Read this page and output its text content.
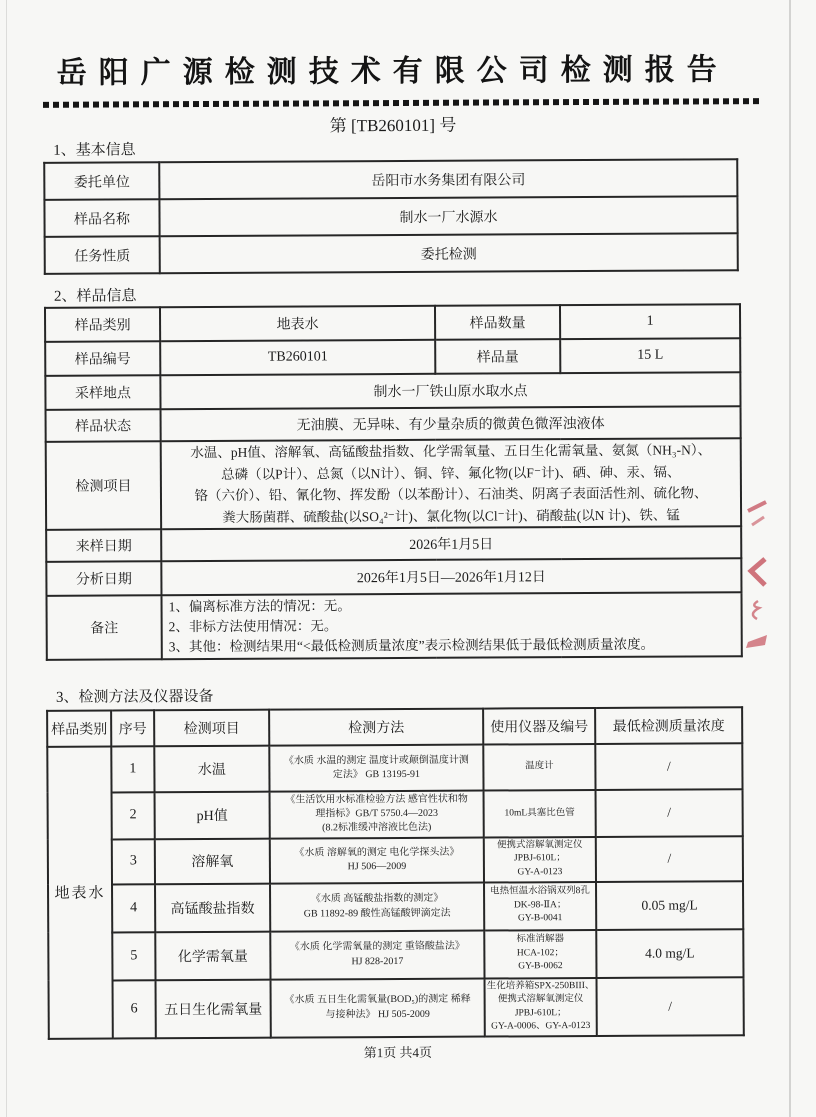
岳阳广源检测技术有限公司检测报告
第 [TB260101] 号
1、基本信息
委托单位	岳阳市水务集团有限公司
样品名称	制水一厂水源水
任务性质	委托检测
2、样品信息
样品类别	地表水	样品数量	1
样品编号	TB260101	样品量	15 L
采样地点	制水一厂铁山原水取水点		
样品状态	无油膜、无异味、有少量杂质的微黄色微浑浊液体		
检测项目	水温、pH值、溶解氧、高锰酸盐指数、化学需氧量、五日生化需氧量、氨氮（NH₃-N）、
总磷（以P计）、总氮（以N计）、铜、锌、氟化物(以F⁻计)、硒、砷、汞、镉、
铬（六价）、铅、氰化物、挥发酚（以苯酚计）、石油类、阴离子表面活性剂、硫化物、
粪大肠菌群、硫酸盐(以SO₄²⁻计)、氯化物(以Cl⁻计)、硝酸盐(以N 计)、铁、锰		
来样日期	2026年1月5日		
分析日期	2026年1月5日—2026年1月12日		
备注	1、偏离标准方法的情况：无。
2、非标方法使用情况：无。
3、其他：检测结果用“<最低检测质量浓度”表示检测结果低于最低检测质量浓度。		
3、检测方法及仪器设备
样品类别	序号	检测项目	检测方法	使用仪器及编号	最低检测质量浓度
地表水	1	水温	《水质 水温的测定 温度计或颠倒温度计测
定法》 GB 13195-91	温度计	/
	2	pH值	《生活饮用水标准检验方法 感官性状和物
理指标》GB/T 5750.4—2023
(8.2标准缓冲溶液比色法)	10mL具塞比色管	/
	3	溶解氧	《水质 溶解氧的测定 电化学探头法》
HJ 506—2009	便携式溶解氧测定仪
JPBJ-610L；
GY-A-0123	/
	4	高锰酸盐指数	《水质 高锰酸盐指数的测定》
GB 11892-89 酸性高锰酸钾滴定法	电热恒温水浴锅双列8孔
DK-98-ⅡA；
GY-B-0041	0.05 mg/L
	5	化学需氧量	《水质 化学需氧量的测定 重铬酸盐法》
HJ 828-2017	标准消解器
HCA-102；
GY-B-0062	4.0 mg/L
	6	五日生化需氧量	《水质 五日生化需氧量(BOD₅)的测定 稀释
与接种法》 HJ 505-2009	生化培养箱SPX-250BIII、
便携式溶解氧测定仪
JPBJ-610L；
GY-A-0006、GY-A-0123	/
第1页 共4页
